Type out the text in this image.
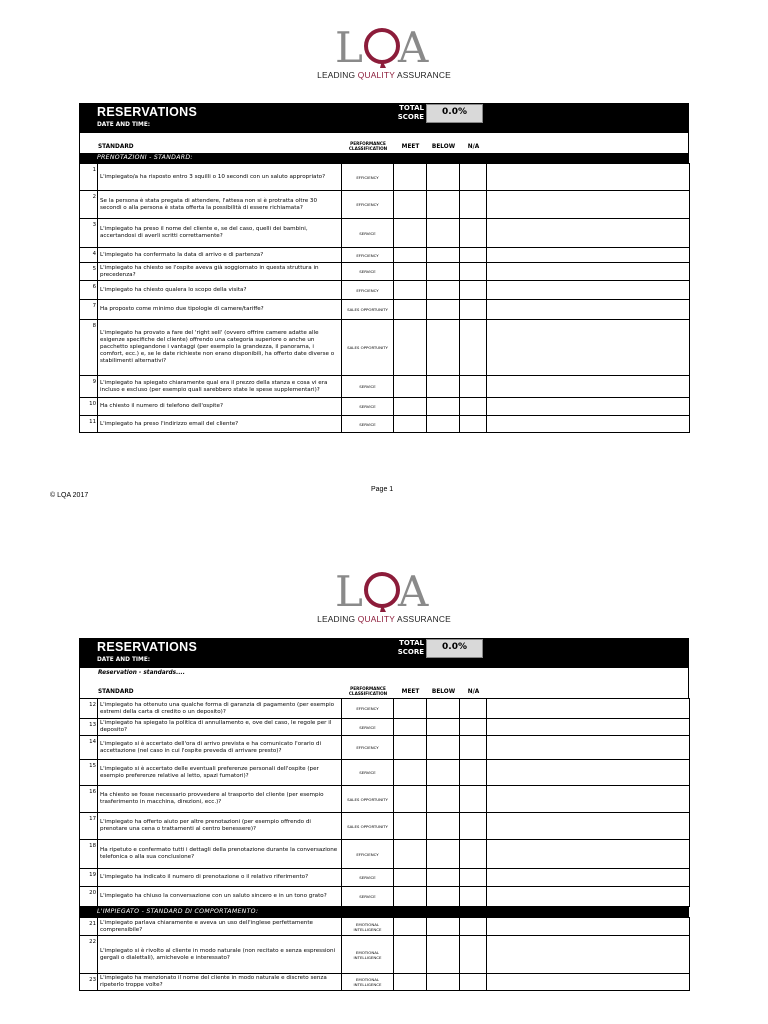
L A
LEADING QUALITY ASSURANCE
RESERVATIONS
DATE AND TIME:
TOTAL SCORE	0.0%
STANDARD
PERFORMANCE CLASSIFICATION	MEET	BELOW	N/A
PRENOTAZIONI - STANDARD:
1	L'impiegato/a ha risposto entro 3 squilli o 10 secondi con un saluto appropriato?	EFFICIENCY				
2	Se la persona è stata pregata di attendere, l'attesa non si è protratta oltre 30 secondi o alla persona è stata offerta la possibilità di essere richiamata?	EFFICIENCY				
3	L'impiegato ha preso il nome del cliente e, se del caso, quelli dei bambini, accertandosi di averli scritti correttamente?	SERVICE				
4	L'impiegato ha confermato la data di arrivo e di partenza?	EFFICIENCY				
5	L'impiegato ha chiesto se l'ospite aveva già soggiornato in questa struttura in precedenza?	SERVICE				
6	L'impiegato ha chiesto qualera lo scopo della visita?	EFFICIENCY				
7	Ha proposto come minimo due tipologie di camere/tariffe?	SALES OPPORTUNITY				
8	L'impiegato ha provato a fare del 'right sell' (ovvero offrire camere adatte alle esigenze specifiche del cliente) offrendo una categoria superiore o anche un pacchetto spiegandone i vantaggi (per esempio la grandezza, il panorama, i comfort, ecc.) e, se le date richieste non erano disponibili, ha offerto date diverse o stabilimenti alternativi?	SALES OPPORTUNITY				
9	L'impiegato ha spiegato chiaramente qual era il prezzo della stanza e cosa vi era incluso e escluso (per esempio quali sarebbero state le spese supplementari)?	SERVICE				
10	Ha chiesto il numero di telefono dell'ospite?	SERVICE				
11	L'impiegato ha preso l'indirizzo email del cliente?	SERVICE				
Page 1
© LQA 2017
L A
LEADING QUALITY ASSURANCE
RESERVATIONS
DATE AND TIME:
TOTAL SCORE	0.0%
Reservation - standards....
STANDARD
PERFORMANCE CLASSIFICATION	MEET	BELOW	N/A
12	L'impiegato ha ottenuto una qualche forma di garanzia di pagamento (per esempio estremi della carta di credito o un deposito)?	EFFICIENCY				
13	L'impiegato ha spiegato la politica di annullamento e, ove del caso, le regole per il deposito?	SERVICE				
14	L'impiegato si è accertato dell'ora di arrivo prevista e ha comunicato l'orario di accettazione (nel caso in cui l'ospite preveda di arrivare presto)?	EFFICIENCY				
15	L'impiegato si è accertato delle eventuali preferenze personali dell'ospite (per esempio preferenze relative al letto, spazi fumatori)?	SERVICE				
16	Ha chiesto se fosse necessario provvedere al trasporto del cliente (per esempio trasferimento in macchina, direzioni, ecc.)?	SALES OPPORTUNITY				
17	L'impiegato ha offerto aiuto per altre prenotazioni (per esempio offrendo di prenotare una cena o trattamenti al centro benessere)?	SALES OPPORTUNITY				
18	Ha ripetuto e confermato tutti i dettagli della prenotazione durante la conversazione telefonica o alla sua conclusione?	EFFICIENCY				
19	L'impiegato ha indicato il numero di prenotazione o il relativo riferimento?	SERVICE				
20	L'impiegato ha chiuso la conversazione con un saluto sincero e in un tono grato?	SERVICE				
L'IMPIEGATO - STANDARD DI COMPORTAMENTO:
21	L'impiegato parlava chiaramente e aveva un uso dell'inglese perfettamente comprensibile?	EMOTIONAL INTELLIGENCE				
22	L'impiegato si è rivolto al cliente in modo naturale (non recitato e senza espressioni gergali o dialettali), amichevole e interessato?	EMOTIONAL INTELLIGENCE				
23	L'impiegato ha menzionato il nome del cliente in modo naturale e discreto senza ripeterlo troppe volte?	EMOTIONAL INTELLIGENCE				
